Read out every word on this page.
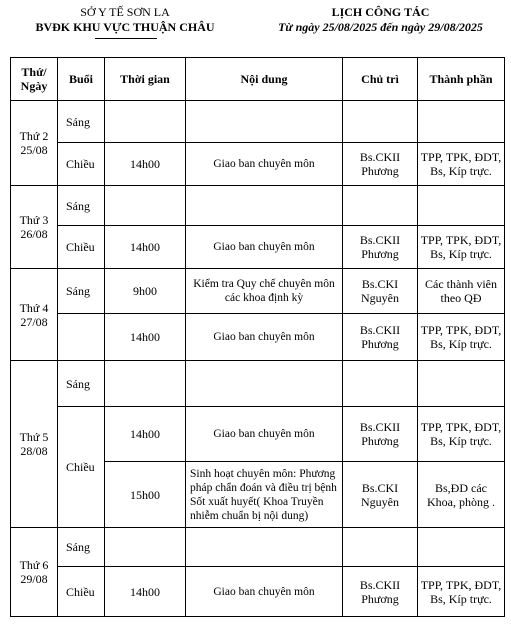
SỞ Y TẾ SƠN LA
BVĐK KHU VỰC THUẬN CHÂU
LỊCH CÔNG TÁC
Từ ngày 25/08/2025 đến ngày 29/08/2025
Thứ/ Ngày	Buổi	Thời gian	Nội dung	Chủ trì	Thành phần

Thứ 2
25/08	Sáng				
	Chiều	14h00	Giao ban chuyên môn	Bs.CKII Phương	TPP, TPK, ĐDT, Bs, Kíp trực.

Thứ 3
26/08	Sáng				
	Chiều	14h00	Giao ban chuyên môn	Bs.CKII Phương	TPP, TPK, ĐDT, Bs, Kíp trực.

Thứ 4
27/08	Sáng	9h00	Kiểm tra Quy chế chuyên môn các khoa định kỳ	Bs.CKI Nguyên	Các thành viên theo QĐ
		14h00	Giao ban chuyên môn	Bs.CKII Phương	TPP, TPK, ĐDT, Bs, Kíp trực.

Thứ 5
28/08	Sáng				
	Chiều	14h00	Giao ban chuyên môn	Bs.CKII Phương	TPP, TPK, ĐDT, Bs, Kíp trực.
		15h00	Sinh hoạt chuyên môn: Phương pháp chẩn đoán và điều trị bệnh Sốt xuất huyết( Khoa Truyền nhiễm chuẩn bị nội dung)	Bs.CKI Nguyên	Bs,ĐD các Khoa, phòng .

Thứ 6
29/08	Sáng				
	Chiều	14h00	Giao ban chuyên môn	Bs.CKII Phương	TPP, TPK, ĐDT, Bs, Kíp trực.
